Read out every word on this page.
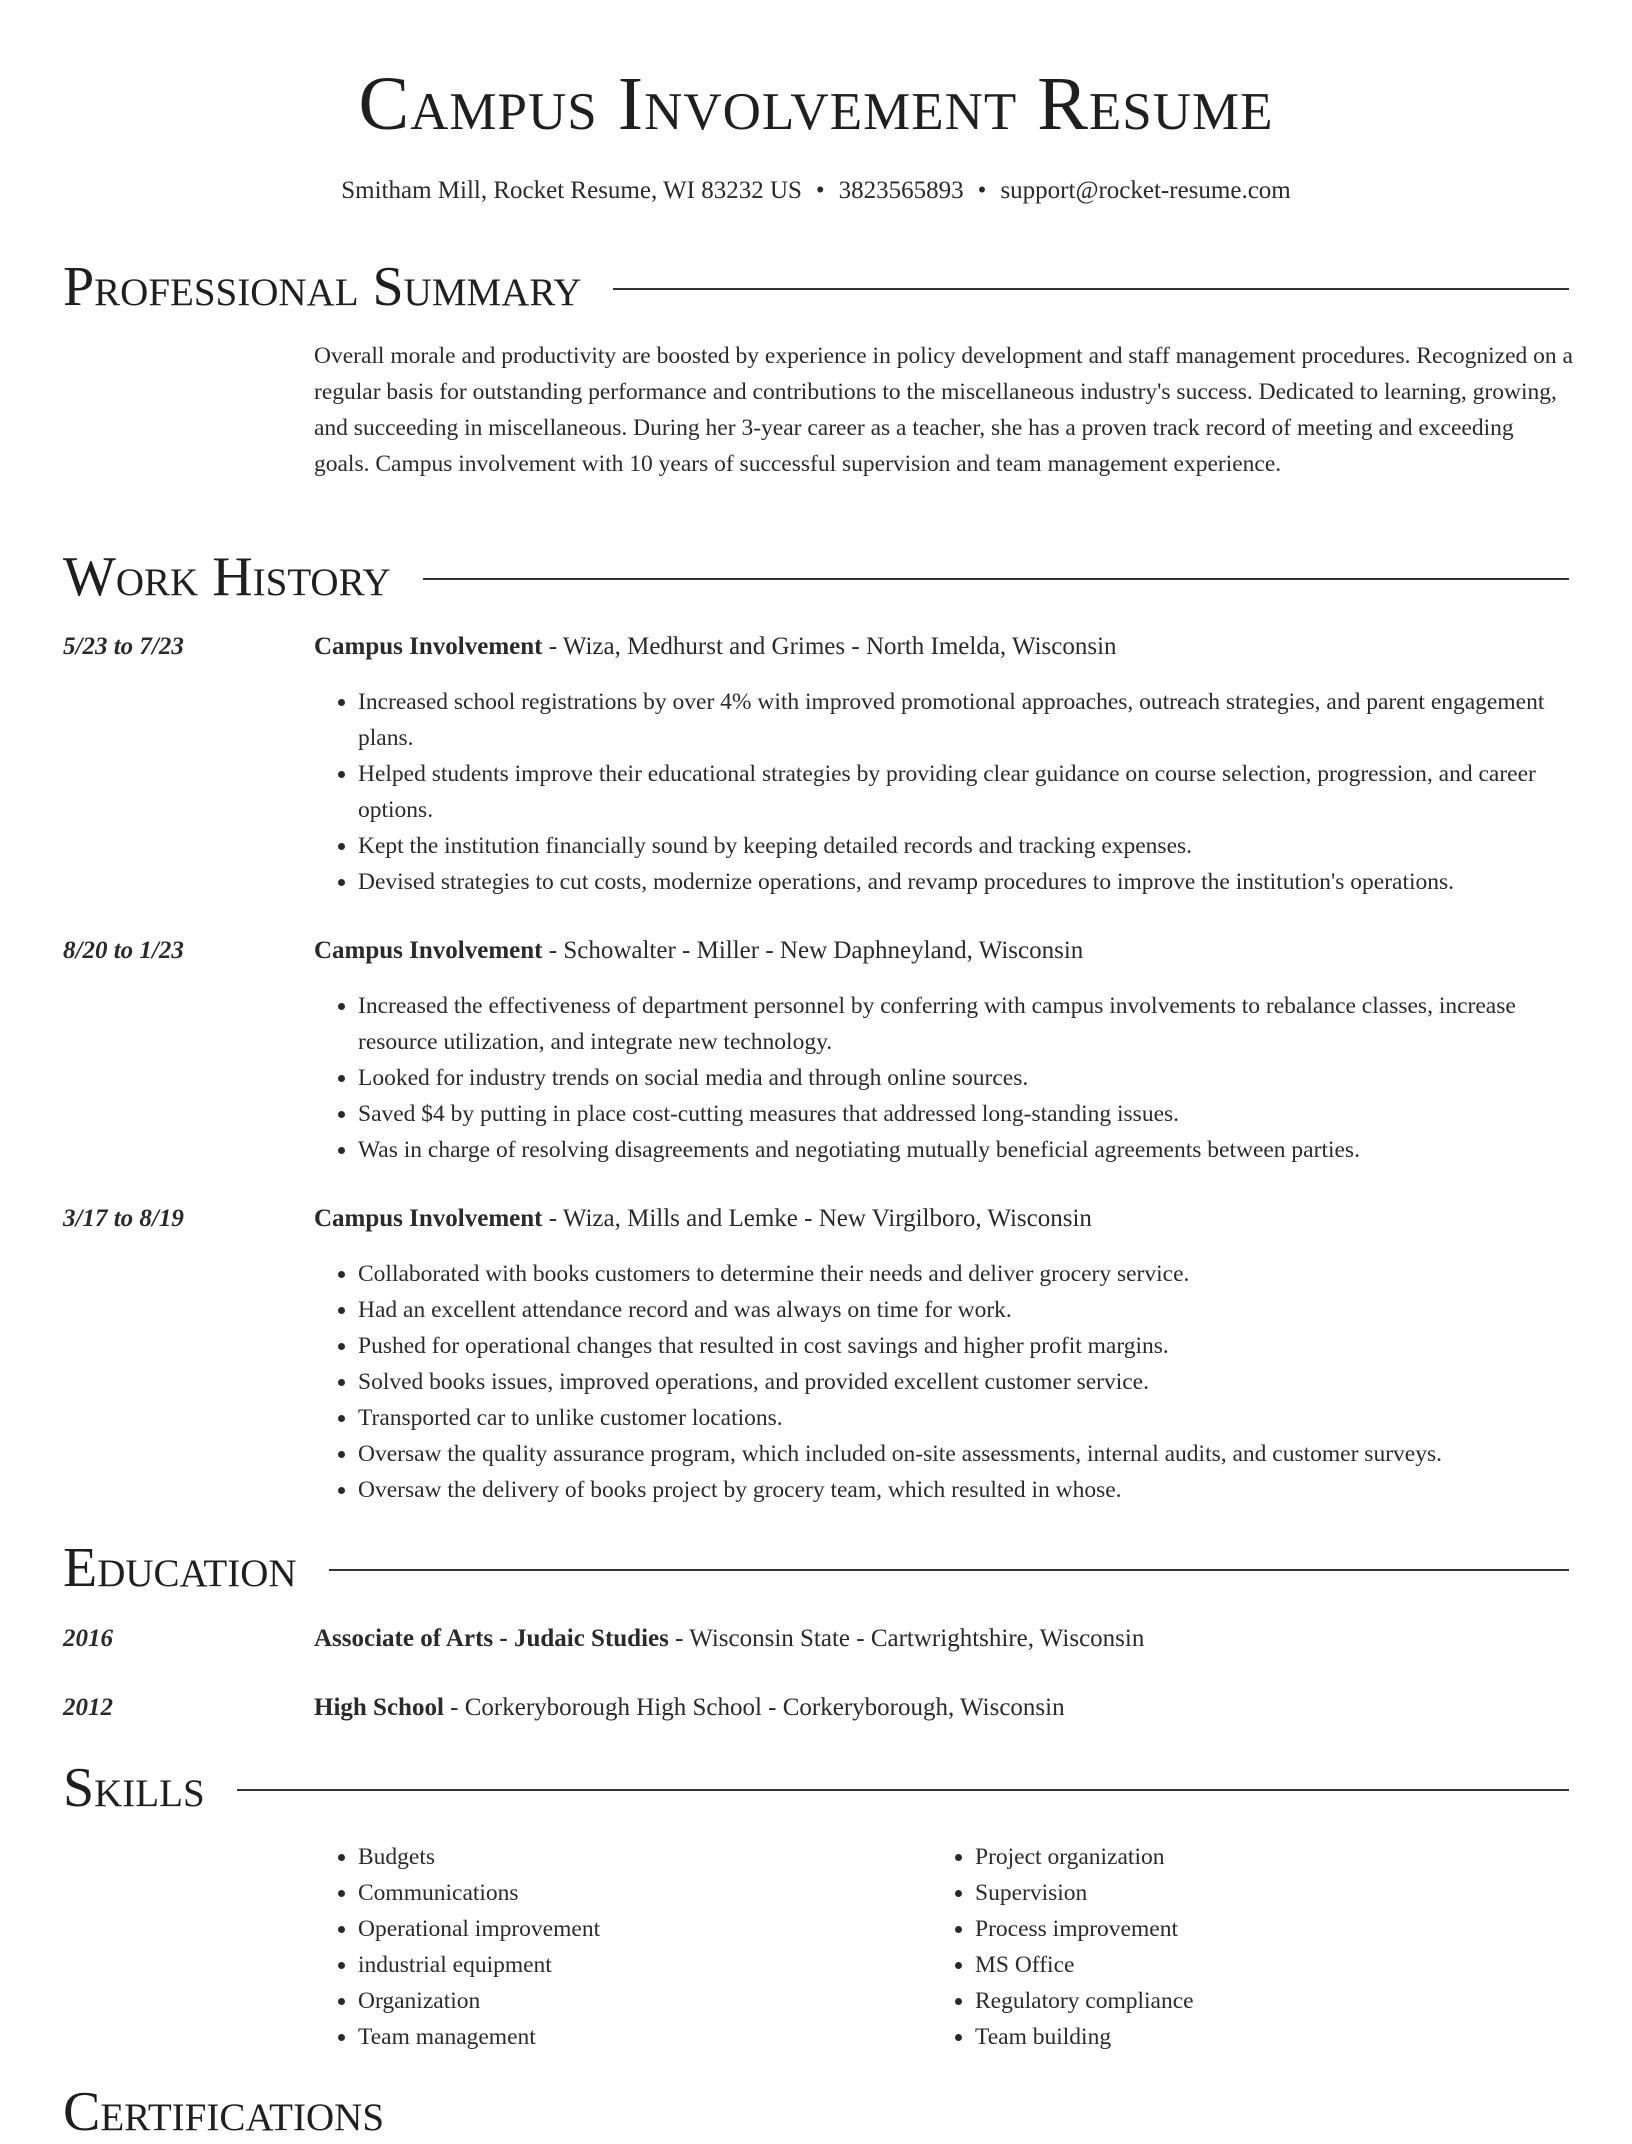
Campus Involvement Resume
Smitham Mill, Rocket Resume, WI 83232 US • 3823565893 • support@rocket-resume.com
Professional Summary
Overall morale and productivity are boosted by experience in policy development and staff management procedures. Recognized on a regular basis for outstanding performance and contributions to the miscellaneous industry's success. Dedicated to learning, growing, and succeeding in miscellaneous. During her 3-year career as a teacher, she has a proven track record of meeting and exceeding goals. Campus involvement with 10 years of successful supervision and team management experience.
Work History
5/23 to 7/23	Campus Involvement - Wiza, Medhurst and Grimes - North Imelda, Wisconsin
• Increased school registrations by over 4% with improved promotional approaches, outreach strategies, and parent engagement plans.
• Helped students improve their educational strategies by providing clear guidance on course selection, progression, and career options.
• Kept the institution financially sound by keeping detailed records and tracking expenses.
• Devised strategies to cut costs, modernize operations, and revamp procedures to improve the institution's operations.
8/20 to 1/23	Campus Involvement - Schowalter - Miller - New Daphneyland, Wisconsin
• Increased the effectiveness of department personnel by conferring with campus involvements to rebalance classes, increase resource utilization, and integrate new technology.
• Looked for industry trends on social media and through online sources.
• Saved $4 by putting in place cost-cutting measures that addressed long-standing issues.
• Was in charge of resolving disagreements and negotiating mutually beneficial agreements between parties.
3/17 to 8/19	Campus Involvement - Wiza, Mills and Lemke - New Virgilboro, Wisconsin
• Collaborated with books customers to determine their needs and deliver grocery service.
• Had an excellent attendance record and was always on time for work.
• Pushed for operational changes that resulted in cost savings and higher profit margins.
• Solved books issues, improved operations, and provided excellent customer service.
• Transported car to unlike customer locations.
• Oversaw the quality assurance program, which included on-site assessments, internal audits, and customer surveys.
• Oversaw the delivery of books project by grocery team, which resulted in whose.
Education
2016	Associate of Arts - Judaic Studies - Wisconsin State - Cartwrightshire, Wisconsin
2012	High School - Corkeryborough High School - Corkeryborough, Wisconsin
Skills
• Budgets
• Communications
• Operational improvement
• industrial equipment
• Organization
• Team management
• Project organization
• Supervision
• Process improvement
• MS Office
• Regulatory compliance
• Team building
Certifications
